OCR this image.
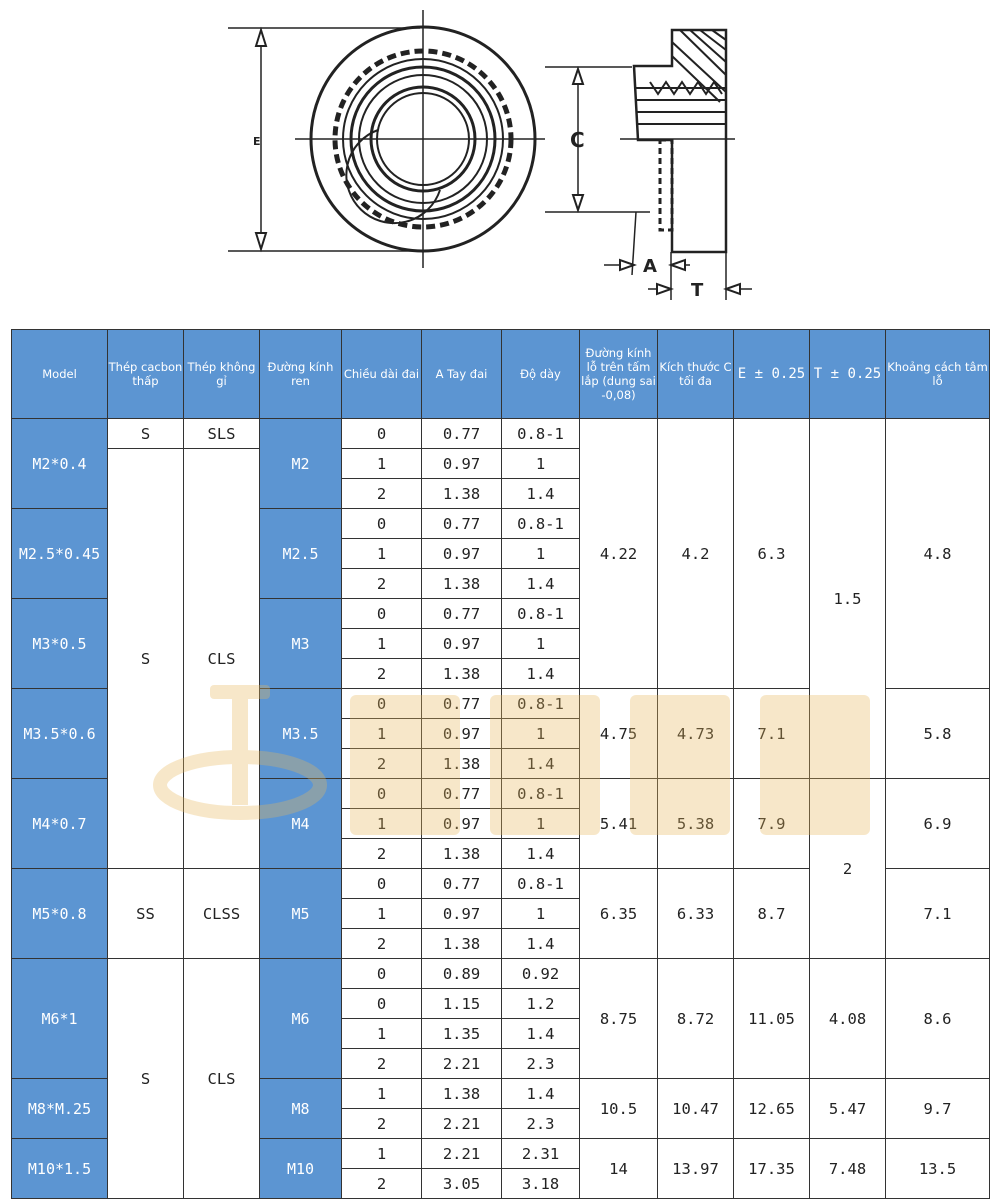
E	C
A
T
Model	Thép cacbon thấp	Thép không gỉ	Đường kính ren	Chiều dài đai	A Tay đai	Độ dày	Đường kính lỗ trên tấm lắp (dung sai -0,08)	Kích thước C tối đa	E ± 0.25	T ± 0.25	Khoảng cách tâm lỗ
M2*0.4	S	SLS	M2	0	0.77	0.8-1	4.22	4.2	6.3	1.5	4.8
	S	CLS		1	0.97	1					
				2	1.38	1.4					
M2.5*0.45			M2.5	0	0.77	0.8-1					
				1	0.97	1					
				2	1.38	1.4					
M3*0.5			M3	0	0.77	0.8-1					
				1	0.97	1					
				2	1.38	1.4					
M3.5*0.6			M3.5	0	0.77	0.8-1	4.75	4.73	7.1		5.8
				1	0.97	1					
				2	1.38	1.4					
M4*0.7			M4	0	0.77	0.8-1	5.41	5.38	7.9	2	6.9
				1	0.97	1					
				2	1.38	1.4					
M5*0.8	SS	CLSS	M5	0	0.77	0.8-1	6.35	6.33	8.7		7.1
				1	0.97	1					
				2	1.38	1.4					
M6*1	S	CLS	M6	0	0.89	0.92	8.75	8.72	11.05	4.08	8.6
				0	1.15	1.2					
				1	1.35	1.4					
				2	2.21	2.3					
M8*M.25			M8	1	1.38	1.4	10.5	10.47	12.65	5.47	9.7
				2	2.21	2.3					
M10*1.5			M10	1	2.21	2.31	14	13.97	17.35	7.48	13.5
				2	3.05	3.18					
